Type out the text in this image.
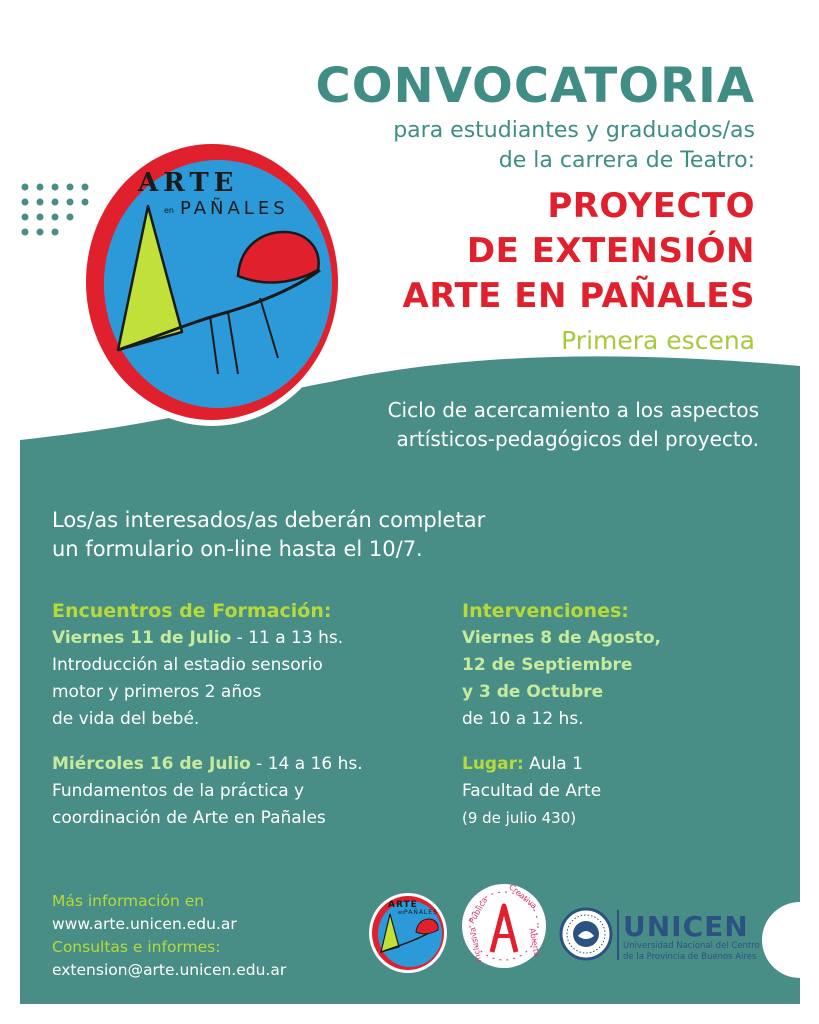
ARTE
en PAÑALES
CONVOCATORIA
para estudiantes y graduados/as
de la carrera de Teatro:
PROYECTO
DE EXTENSIÓN
ARTE EN PAÑALES
Primera escena
Ciclo de acercamiento a los aspectos
artísticos-pedagógicos del proyecto.
Los/as interesados/as deberán completar
un formulario on-line hasta el 10/7.
Encuentros de Formación:
Viernes 11 de Julio - 11 a 13 hs.
Introducción al estadio sensorio
motor y primeros 2 años
de vida del bebé.
Miércoles 16 de Julio - 14 a 16 hs.
Fundamentos de la práctica y
coordinación de Arte en Pañales
Intervenciones:
Viernes 8 de Agosto,
12 de Septiembre
y 3 de Octubre
de 10 a 12 hs.
Lugar: Aula 1
Facultad de Arte
(9 de julio 430)
Más información en
www.arte.unicen.edu.ar
Consultas e informes:
extension@arte.unicen.edu.ar
ARTE
en PAÑALES	Pública Creativa
Abierta
Inclusiva	UNICEN
Universidad Nacional del Centro
de la Provincia de Buenos Aires
